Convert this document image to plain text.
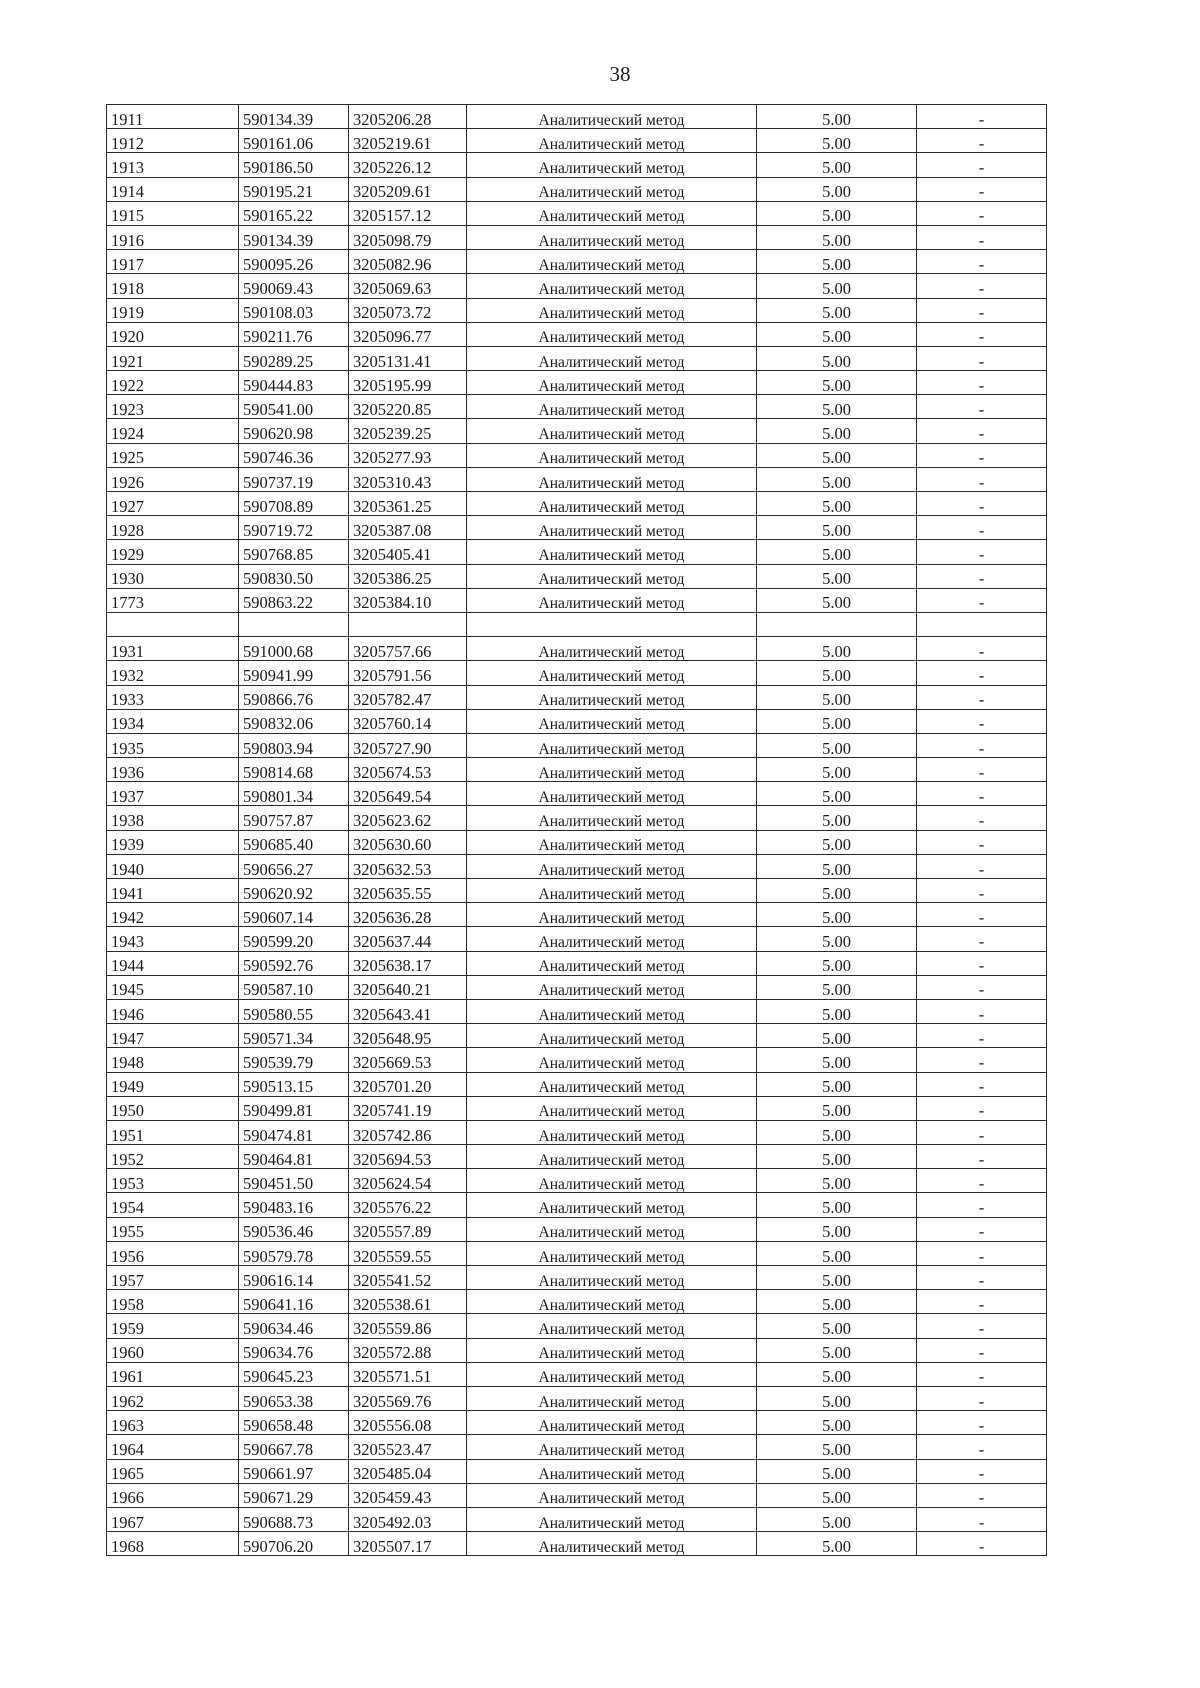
38
1911	590134.39	3205206.28	Аналитический метод	5.00	-
1912	590161.06	3205219.61	Аналитический метод	5.00	-
1913	590186.50	3205226.12	Аналитический метод	5.00	-
1914	590195.21	3205209.61	Аналитический метод	5.00	-
1915	590165.22	3205157.12	Аналитический метод	5.00	-
1916	590134.39	3205098.79	Аналитический метод	5.00	-
1917	590095.26	3205082.96	Аналитический метод	5.00	-
1918	590069.43	3205069.63	Аналитический метод	5.00	-
1919	590108.03	3205073.72	Аналитический метод	5.00	-
1920	590211.76	3205096.77	Аналитический метод	5.00	-
1921	590289.25	3205131.41	Аналитический метод	5.00	-
1922	590444.83	3205195.99	Аналитический метод	5.00	-
1923	590541.00	3205220.85	Аналитический метод	5.00	-
1924	590620.98	3205239.25	Аналитический метод	5.00	-
1925	590746.36	3205277.93	Аналитический метод	5.00	-
1926	590737.19	3205310.43	Аналитический метод	5.00	-
1927	590708.89	3205361.25	Аналитический метод	5.00	-
1928	590719.72	3205387.08	Аналитический метод	5.00	-
1929	590768.85	3205405.41	Аналитический метод	5.00	-
1930	590830.50	3205386.25	Аналитический метод	5.00	-
1773	590863.22	3205384.10	Аналитический метод	5.00	-

1931	591000.68	3205757.66	Аналитический метод	5.00	-
1932	590941.99	3205791.56	Аналитический метод	5.00	-
1933	590866.76	3205782.47	Аналитический метод	5.00	-
1934	590832.06	3205760.14	Аналитический метод	5.00	-
1935	590803.94	3205727.90	Аналитический метод	5.00	-
1936	590814.68	3205674.53	Аналитический метод	5.00	-
1937	590801.34	3205649.54	Аналитический метод	5.00	-
1938	590757.87	3205623.62	Аналитический метод	5.00	-
1939	590685.40	3205630.60	Аналитический метод	5.00	-
1940	590656.27	3205632.53	Аналитический метод	5.00	-
1941	590620.92	3205635.55	Аналитический метод	5.00	-
1942	590607.14	3205636.28	Аналитический метод	5.00	-
1943	590599.20	3205637.44	Аналитический метод	5.00	-
1944	590592.76	3205638.17	Аналитический метод	5.00	-
1945	590587.10	3205640.21	Аналитический метод	5.00	-
1946	590580.55	3205643.41	Аналитический метод	5.00	-
1947	590571.34	3205648.95	Аналитический метод	5.00	-
1948	590539.79	3205669.53	Аналитический метод	5.00	-
1949	590513.15	3205701.20	Аналитический метод	5.00	-
1950	590499.81	3205741.19	Аналитический метод	5.00	-
1951	590474.81	3205742.86	Аналитический метод	5.00	-
1952	590464.81	3205694.53	Аналитический метод	5.00	-
1953	590451.50	3205624.54	Аналитический метод	5.00	-
1954	590483.16	3205576.22	Аналитический метод	5.00	-
1955	590536.46	3205557.89	Аналитический метод	5.00	-
1956	590579.78	3205559.55	Аналитический метод	5.00	-
1957	590616.14	3205541.52	Аналитический метод	5.00	-
1958	590641.16	3205538.61	Аналитический метод	5.00	-
1959	590634.46	3205559.86	Аналитический метод	5.00	-
1960	590634.76	3205572.88	Аналитический метод	5.00	-
1961	590645.23	3205571.51	Аналитический метод	5.00	-
1962	590653.38	3205569.76	Аналитический метод	5.00	-
1963	590658.48	3205556.08	Аналитический метод	5.00	-
1964	590667.78	3205523.47	Аналитический метод	5.00	-
1965	590661.97	3205485.04	Аналитический метод	5.00	-
1966	590671.29	3205459.43	Аналитический метод	5.00	-
1967	590688.73	3205492.03	Аналитический метод	5.00	-
1968	590706.20	3205507.17	Аналитический метод	5.00	-
